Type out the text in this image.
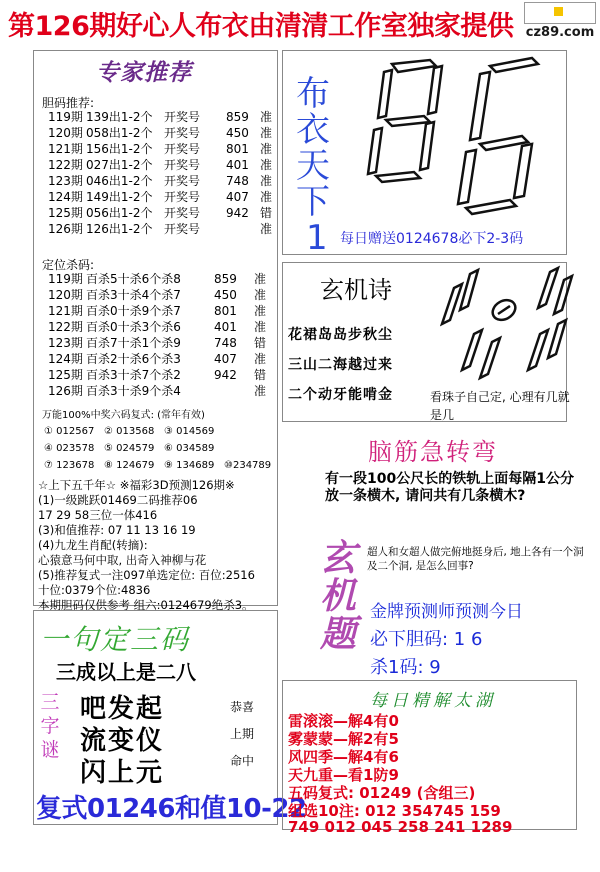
第126期好心人布衣由清清工作室独家提供 cz89.com
专家推荐
胆码推荐:
119期 139出1-2个 开奖号 859 准
120期 058出1-2个 开奖号 450 准
121期 156出1-2个 开奖号 801 准
122期 027出1-2个 开奖号 401 准
123期 046出1-2个 开奖号 748 准
124期 149出1-2个 开奖号 407 准
125期 056出1-2个 开奖号 942 错
126期 126出1-2个 开奖号	准
定位杀码:
119期 百杀5十杀6个杀8	859 准
120期 百杀3十杀4个杀7	450 准
121期 百杀0十杀9个杀7	801 准
122期 百杀0十杀3个杀6	401 准
123期 百杀7十杀1个杀9	748 错
124期 百杀2十杀6个杀3	407 准
125期 百杀3十杀7个杀2	942 错
126期 百杀3十杀9个杀4	准
万能100%中奖六码复式: (常年有效)
① 012567 ② 013568 ③ 014569
④ 023578 ⑤ 024579 ⑥ 034589
⑦ 123678 ⑧ 124679 ⑨ 134689 ⑩234789
☆上下五千年☆ ※福彩3D预测126期※
(1)一级跳跃01469二码推荐06
17 29 58三位一体416
(3)和值推荐: 07 11 13 16 19
(4)九龙生肖配(转摘):
心猿意马何中取, 出奇入神柳与花
(5)推荐复式一注097单选定位: 百位:2516
十位:0379个位:4836
本期胆码仅供参考 组六:0124679绝杀3。
一句定三码
三成以上是二八
三
字
谜
吧发起
流变仪
闪上元
恭喜
上期
命中
复式01246和值10-22
布
衣
天
下
1 每日赠送0124678必下2-3码
玄机诗
花裙岛岛步秋尘
三山二海越过来
二个动牙能啃金	看珠子自己定, 心理有几就是几
脑筋急转弯
有一段100公尺长的铁轨上面每隔1公分放一条横木, 请问共有几条横木?
玄
机
题
超人和女超人做完俯地挺身后, 地上各有一个洞及二个洞, 是怎么回事?
金牌预测师预测今日
必下胆码: 1 6
杀1码: 9
每日精解太湖
雷滚滚—解4有0
雾蒙蒙—解2有5
风四季—解4有6
天九重—看1防9
五码复式: 01249 (含组三)
组选10注: 012 354745 159
749 012 045 258 241 1289
